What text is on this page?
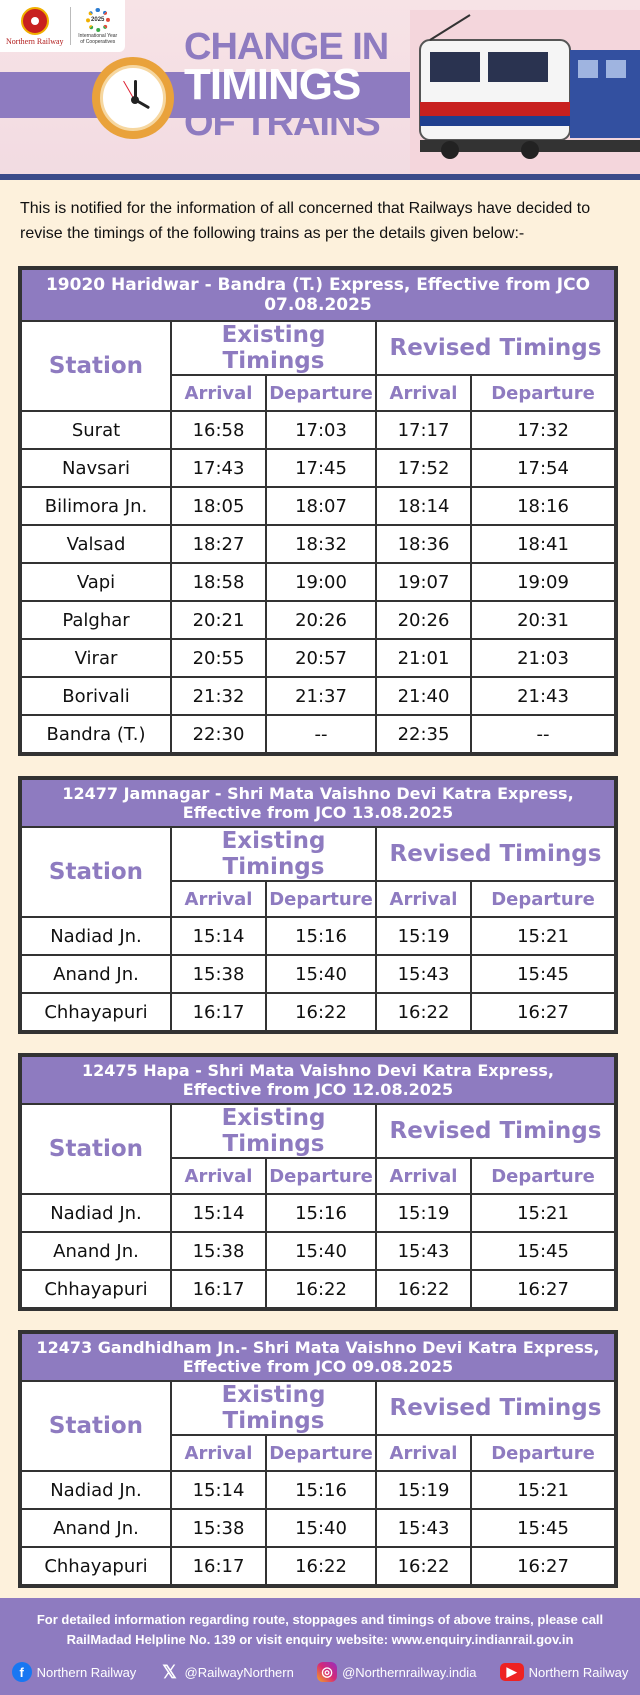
Northern Railway
2025
International Year of Cooperatives CHANGE IN
TIMINGS
OF TRAINS
This is notified for the information of all concerned that Railways have decided to revise the timings of the following trains as per the details given below:-
19020 Haridwar - Bandra (T.) Express, Effective from JCO 07.08.2025				
Station	Existing Timings		Revised Timings	
	Arrival	Departure	Arrival	Departure
Surat	16:58	17:03	17:17	17:32
Navsari	17:43	17:45	17:52	17:54
Bilimora Jn.	18:05	18:07	18:14	18:16
Valsad	18:27	18:32	18:36	18:41
Vapi	18:58	19:00	19:07	19:09
Palghar	20:21	20:26	20:26	20:31
Virar	20:55	20:57	21:01	21:03
Borivali	21:32	21:37	21:40	21:43
Bandra (T.)	22:30	--	22:35	--
12477 Jamnagar - Shri Mata Vaishno Devi Katra Express,
Effective from JCO 13.08.2025				

Station	Existing Timings		Revised Timings	
	Arrival	Departure	Arrival	Departure
Nadiad Jn.	15:14	15:16	15:19	15:21
Anand Jn.	15:38	15:40	15:43	15:45
Chhayapuri	16:17	16:22	16:22	16:27
12475 Hapa - Shri Mata Vaishno Devi Katra Express,
Effective from JCO 12.08.2025				

Station	Existing Timings		Revised Timings	
	Arrival	Departure	Arrival	Departure
Nadiad Jn.	15:14	15:16	15:19	15:21
Anand Jn.	15:38	15:40	15:43	15:45
Chhayapuri	16:17	16:22	16:22	16:27
12473 Gandhidham Jn.- Shri Mata Vaishno Devi Katra Express,
Effective from JCO 09.08.2025				

Station	Existing Timings		Revised Timings	
	Arrival	Departure	Arrival	Departure
Nadiad Jn.	15:14	15:16	15:19	15:21
Anand Jn.	15:38	15:40	15:43	15:45
Chhayapuri	16:17	16:22	16:22	16:27
For detailed information regarding route, stoppages and timings of above trains, please call
RailMadad Helpline No. 139 or visit enquiry website: www.enquiry.indianrail.gov.in
f Northern Railway 𝕏 @RailwayNorthern	◎ @Northernrailway.india	▶ Northern Railway
